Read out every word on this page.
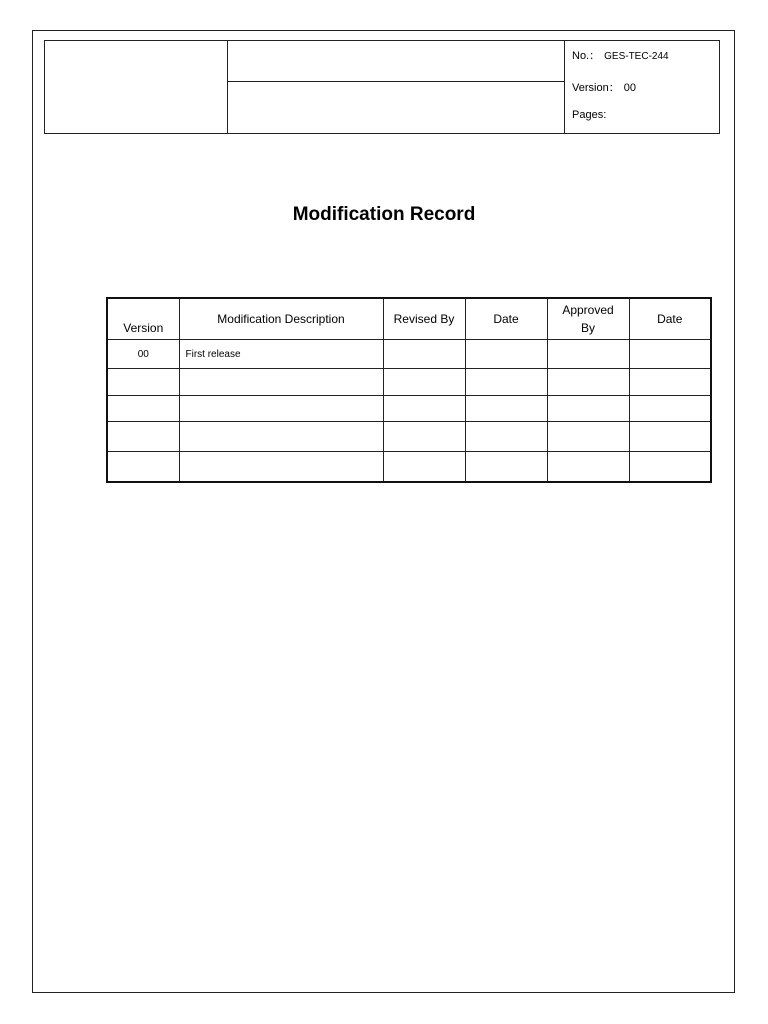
No.： GES-TEC-244
Version： 00
Pages:
Modification Record
Version	Modification Description	Revised By	Date	Approved By	Date
00	First release				
